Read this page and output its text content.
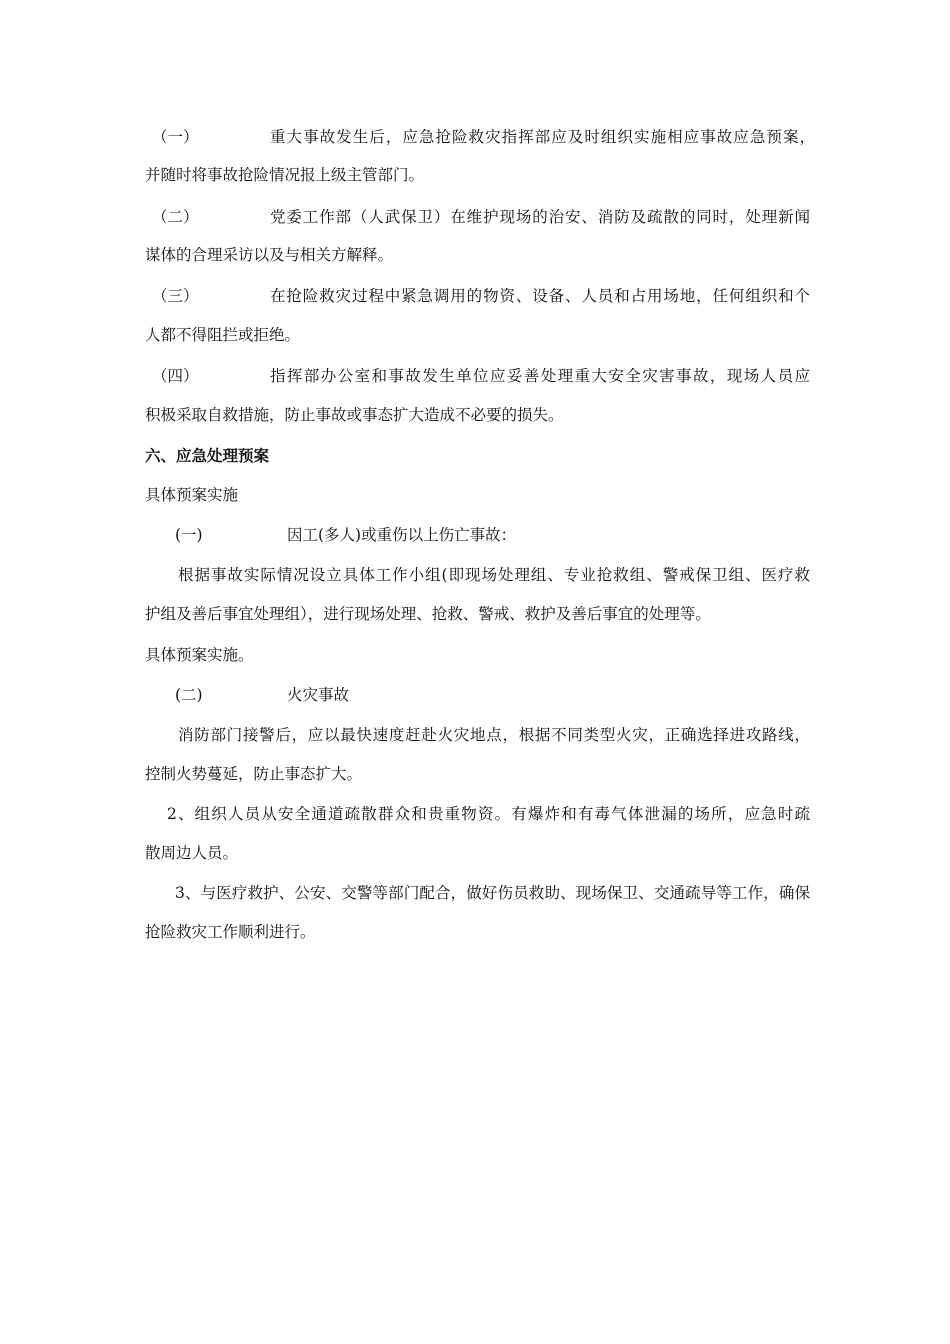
（一）	重大事故发生后，应急抢险救灾指挥部应及时组织实施相应事故应急预案，
并随时将事故抢险情况报上级主管部门。
（二）	党委工作部（人武保卫）在维护现场的治安、消防及疏散的同时，处理新闻
谋体的合理采访以及与相关方解释。
（三）	在抢险救灾过程中紧急调用的物资、设备、人员和占用场地，任何组织和个
人都不得阻拦或拒绝。
（四）	指挥部办公室和事故发生单位应妥善处理重大安全灾害事故，现场人员应
积极采取自救措施，防止事故或事态扩大造成不必要的损失。
六、应急处理预案
具体预案实施
(一)	因工(多人)或重伤以上伤亡事故：
根据事故实际情况设立具体工作小组(即现场处理组、专业抢救组、警戒保卫组、医疗救
护组及善后事宜处理组），进行现场处理、抢救、警戒、救护及善后事宜的处理等。
具体预案实施。
(二)	火灾事故
消防部门接警后，应以最快速度赶赴火灾地点，根据不同类型火灾，正确选择进攻路线，
控制火势蔓延，防止事态扩大。
2、组织人员从安全通道疏散群众和贵重物资。有爆炸和有毒气体泄漏的场所，应急时疏
散周边人员。
3、与医疗救护、公安、交警等部门配合，做好伤员救助、现场保卫、交通疏导等工作，确保
抢险救灾工作顺利进行。
